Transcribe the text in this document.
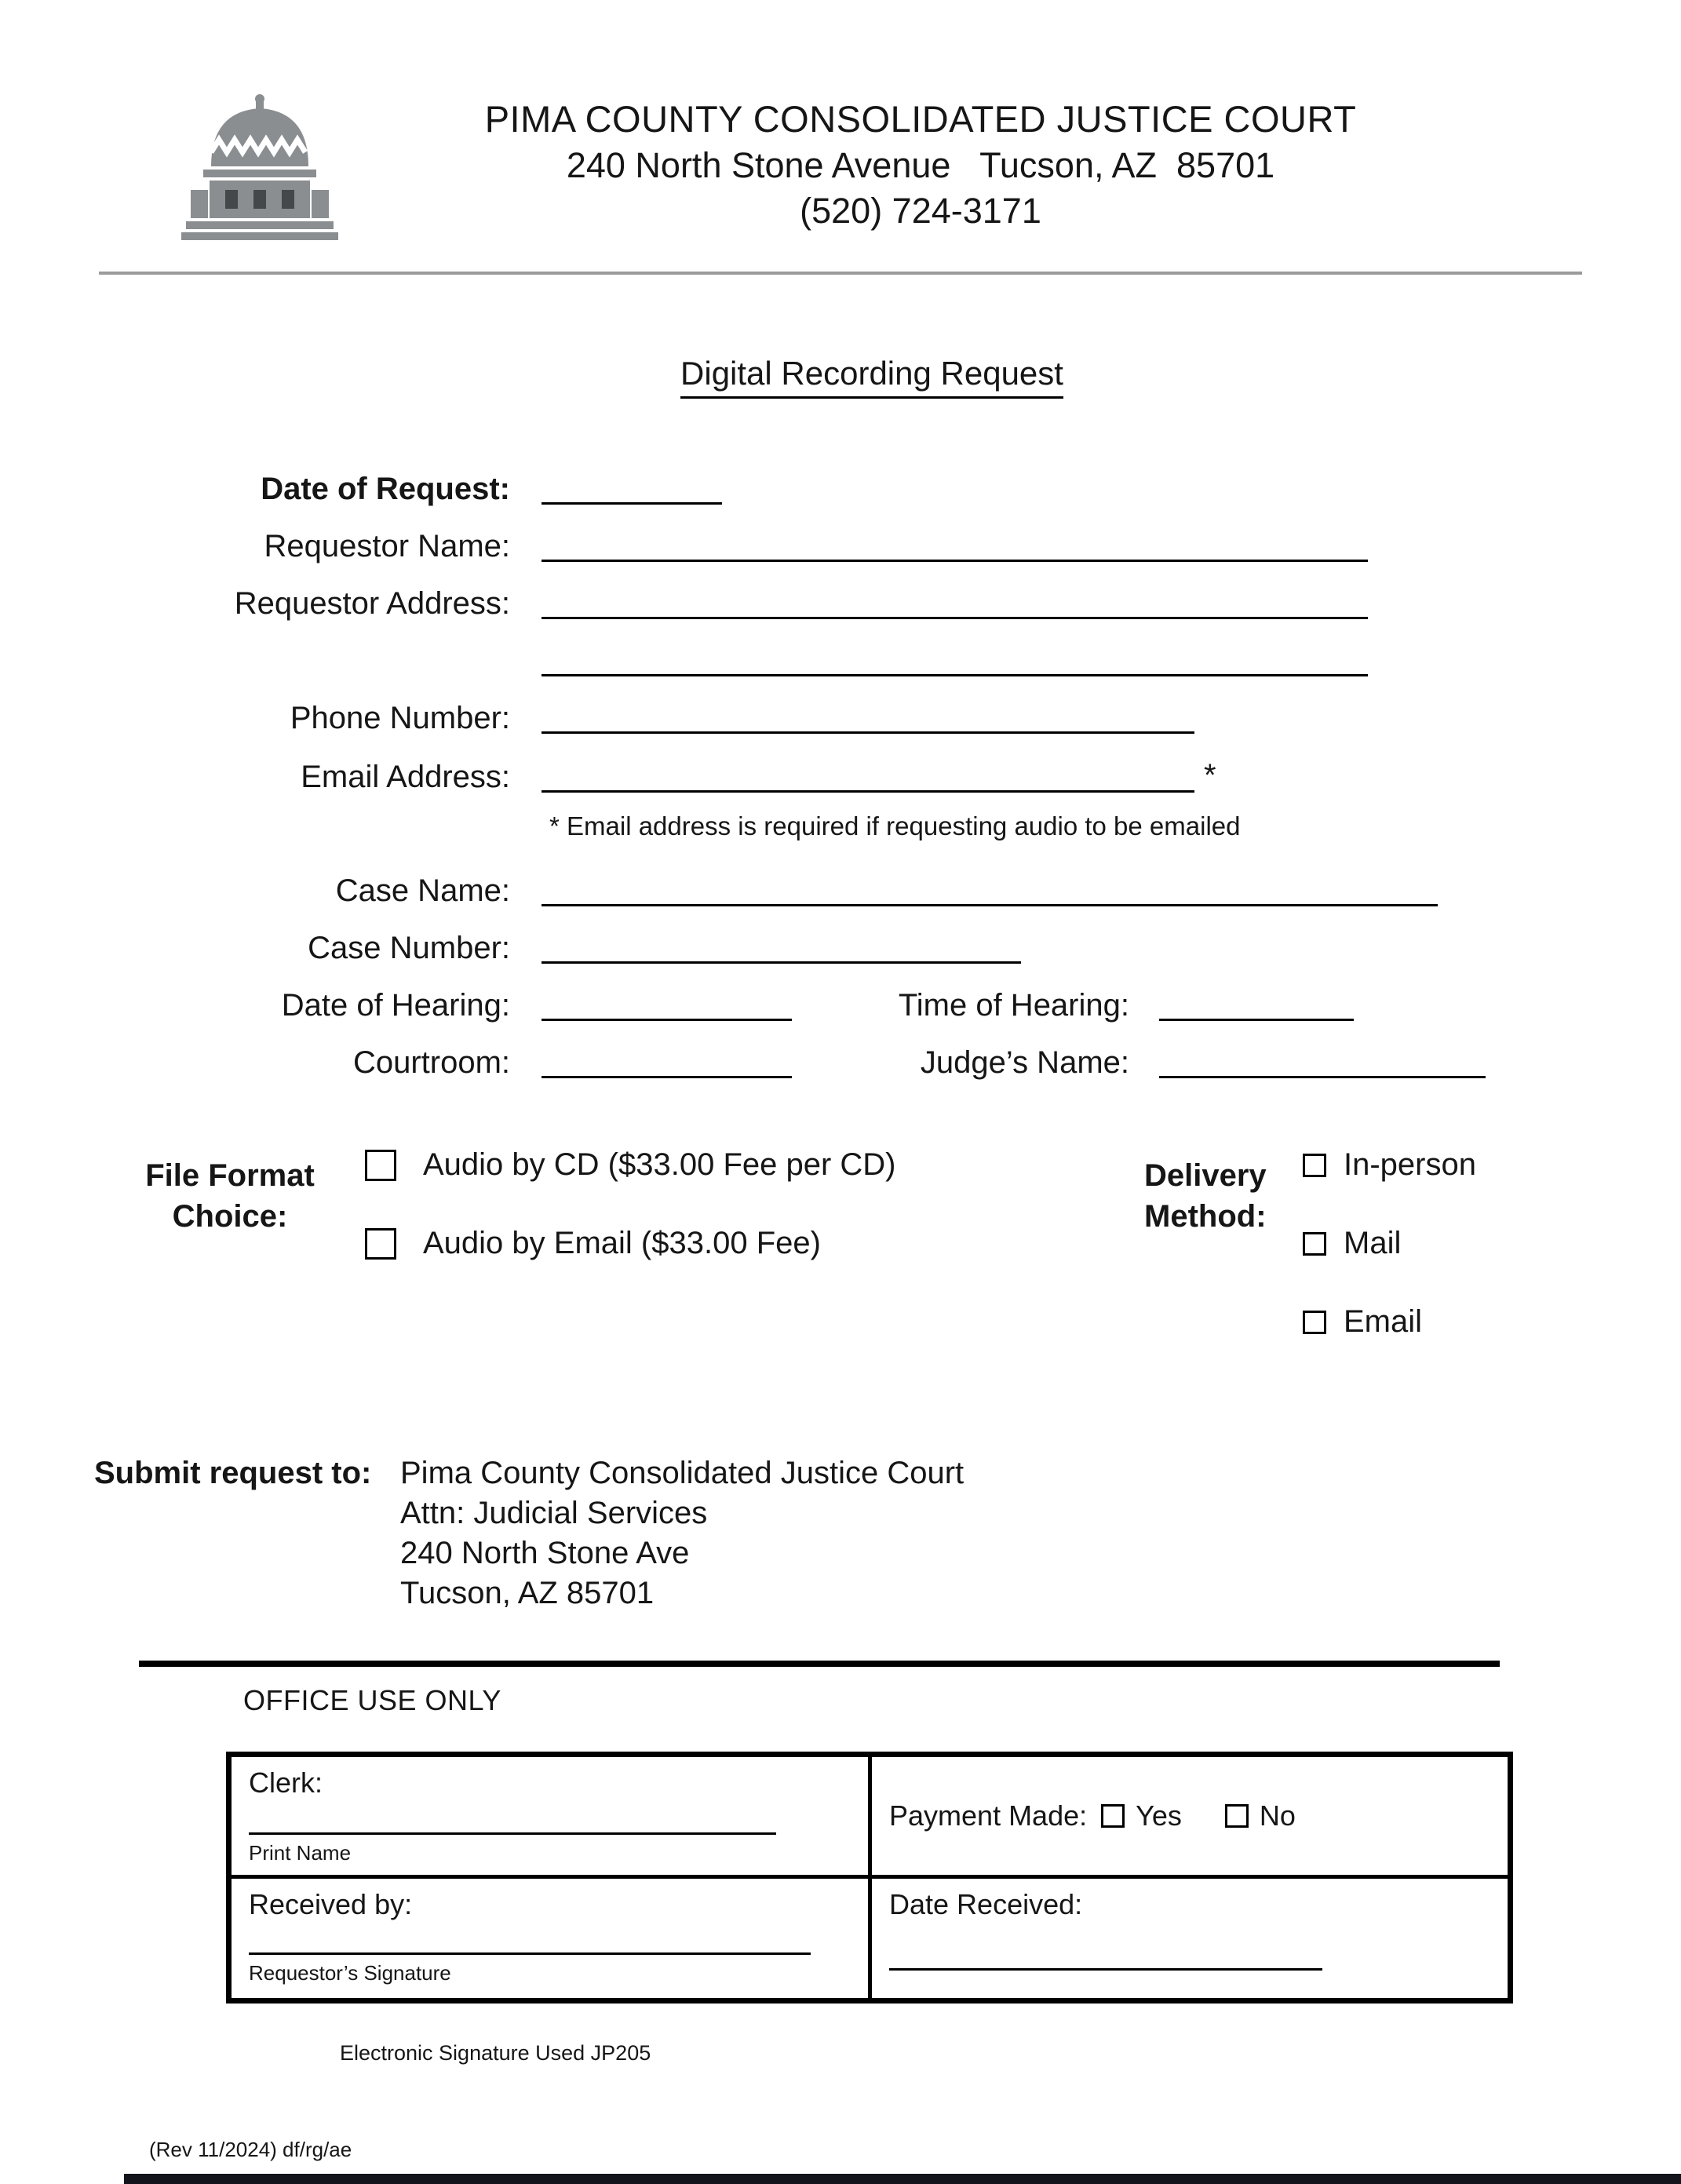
PIMA COUNTY CONSOLIDATED JUSTICE COURT
240 North Stone Avenue   Tucson, AZ  85701
(520) 724-3171
Digital Recording Request
Date of Request:
Requestor Name:
Requestor Address:
Phone Number:
Email Address:	*
* Email address is required if requesting audio to be emailed
Case Name:
Case Number:
Date of Hearing:	Time of Hearing:
Courtroom:	Judge’s Name:
File Format
Choice:
Audio by CD ($33.00 Fee per CD)
Audio by Email ($33.00 Fee)
Delivery
Method:
In-person
Mail
Email
Submit request to: Pima County Consolidated Justice Court
Attn: Judicial Services
240 North Stone Ave
Tucson, AZ 85701
OFFICE USE ONLY
Clerk:
Print Name
Payment Made: Yes	No
Received by:
Requestor’s Signature
Date Received:
Electronic Signature Used JP205
(Rev 11/2024) df/rg/ae
